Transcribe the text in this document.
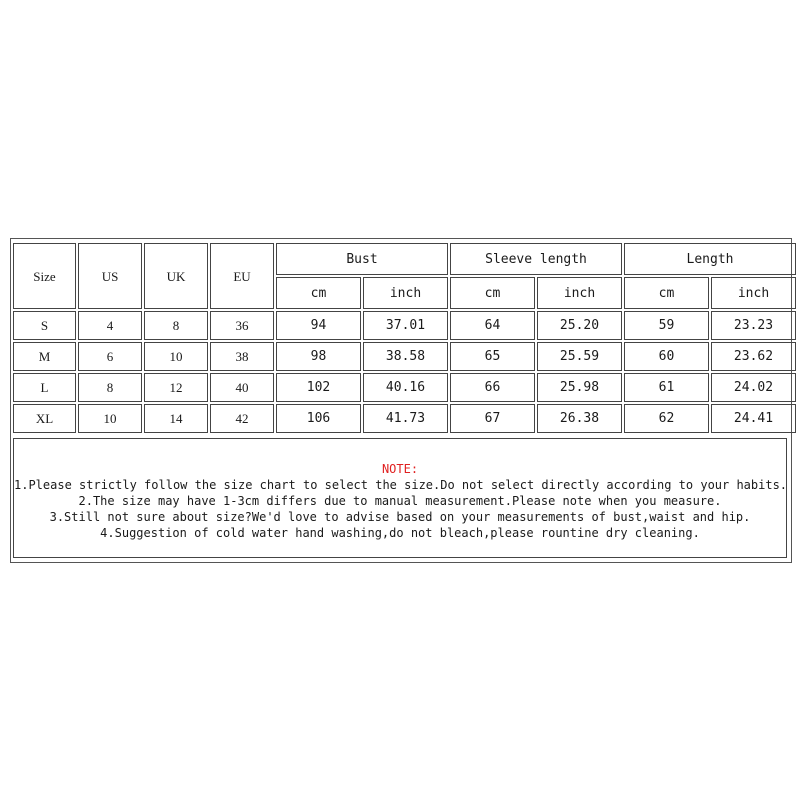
Size	US	UK	EU	Bust		Sleeve length		Length	
				cm	inch	cm	inch	cm	inch
S	4	8	36	94	37.01	64	25.20	59	23.23
M	6	10	38	98	38.58	65	25.59	60	23.62
L	8	12	40	102	40.16	66	25.98	61	24.02
XL	10	14	42	106	41.73	67	26.38	62	24.41
NOTE:
1.Please strictly follow the size chart to select the size.Do not select directly according to your habits.
2.The size may have 1-3cm differs due to manual measurement.Please note when you measure.
3.Still not sure about size?We'd love to advise based on your measurements of bust,waist and hip.
4.Suggestion of cold water hand washing,do not bleach,please rountine dry cleaning.
